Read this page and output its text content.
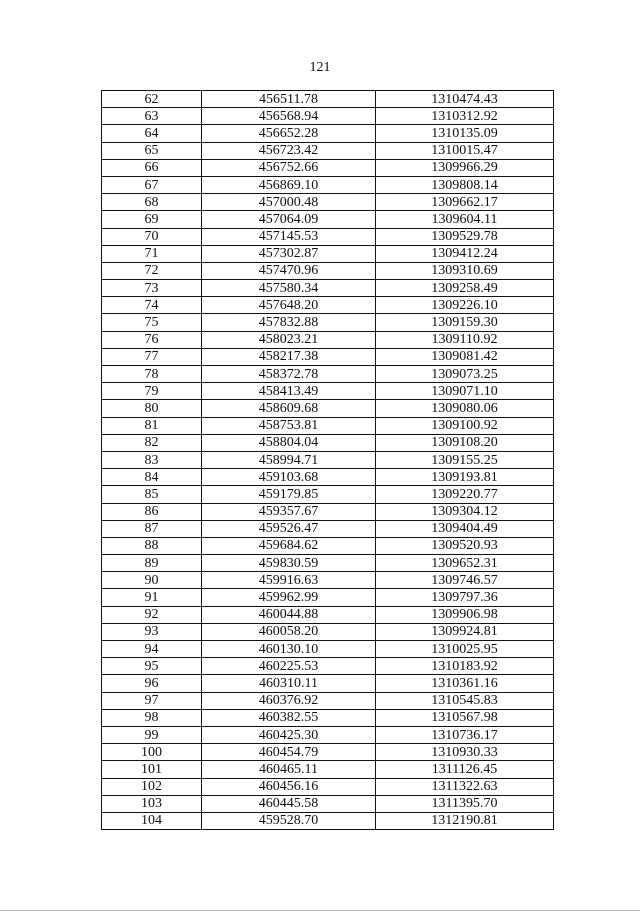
121
62	456511.78	1310474.43
63	456568.94	1310312.92
64	456652.28	1310135.09
65	456723.42	1310015.47
66	456752.66	1309966.29
67	456869.10	1309808.14
68	457000.48	1309662.17
69	457064.09	1309604.11
70	457145.53	1309529.78
71	457302.87	1309412.24
72	457470.96	1309310.69
73	457580.34	1309258.49
74	457648.20	1309226.10
75	457832.88	1309159.30
76	458023.21	1309110.92
77	458217.38	1309081.42
78	458372.78	1309073.25
79	458413.49	1309071.10
80	458609.68	1309080.06
81	458753.81	1309100.92
82	458804.04	1309108.20
83	458994.71	1309155.25
84	459103.68	1309193.81
85	459179.85	1309220.77
86	459357.67	1309304.12
87	459526.47	1309404.49
88	459684.62	1309520.93
89	459830.59	1309652.31
90	459916.63	1309746.57
91	459962.99	1309797.36
92	460044.88	1309906.98
93	460058.20	1309924.81
94	460130.10	1310025.95
95	460225.53	1310183.92
96	460310.11	1310361.16
97	460376.92	1310545.83
98	460382.55	1310567.98
99	460425.30	1310736.17
100	460454.79	1310930.33
101	460465.11	1311126.45
102	460456.16	1311322.63
103	460445.58	1311395.70
104	459528.70	1312190.81
